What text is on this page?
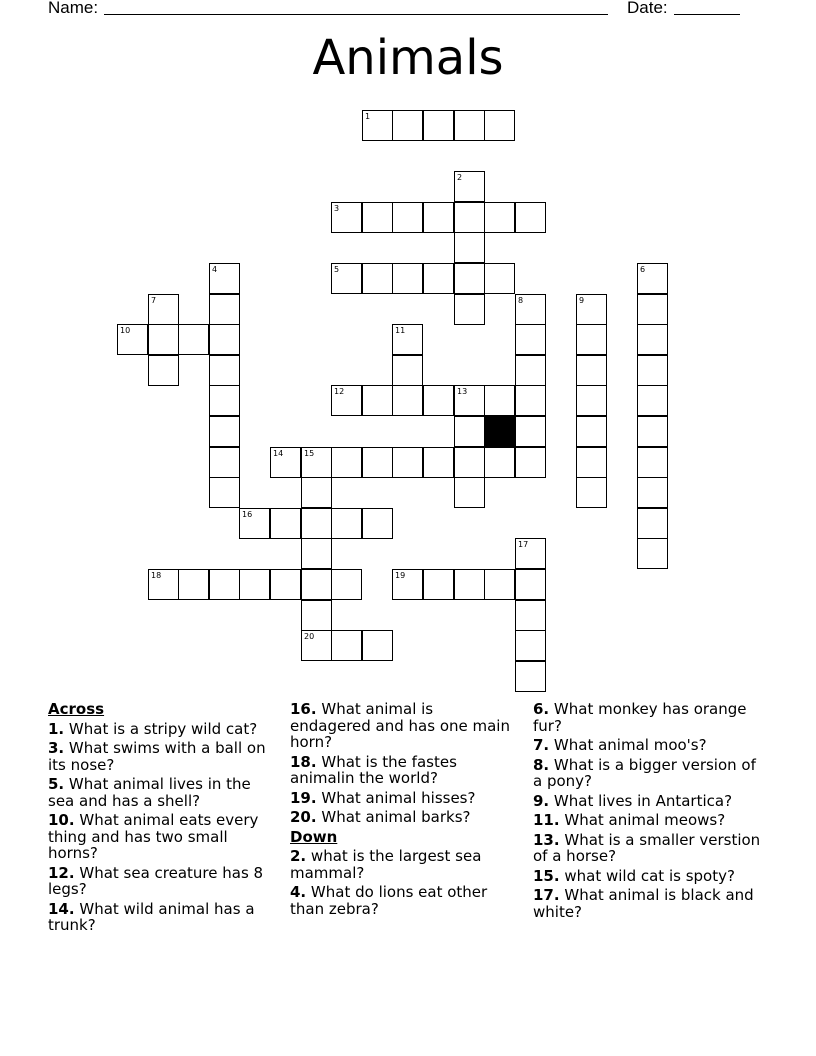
Name:	Date:
Animals
1
3
5
10
12	13
14	15
16
18	19
20
2
4	6
7	8	9
11
17
Across
1. What is a stripy wild cat?
3. What swims with a ball on its nose?
5. What animal lives in the sea and has a shell?
10. What animal eats every thing and has two small horns?
12. What sea creature has 8 legs?
14. What wild animal has a trunk?
16. What animal is endagered and has one main horn?
18. What is the fastes animalin the world?
19. What animal hisses?
20. What animal barks?
Down
2. what is the largest sea mammal?
4. What do lions eat other than zebra?
6. What monkey has orange fur?
7. What animal moo's?
8. What is a bigger version of a pony?
9. What lives in Antartica?
11. What animal meows?
13. What is a smaller verstion of a horse?
15. what wild cat is spoty?
17. What animal is black and white?
